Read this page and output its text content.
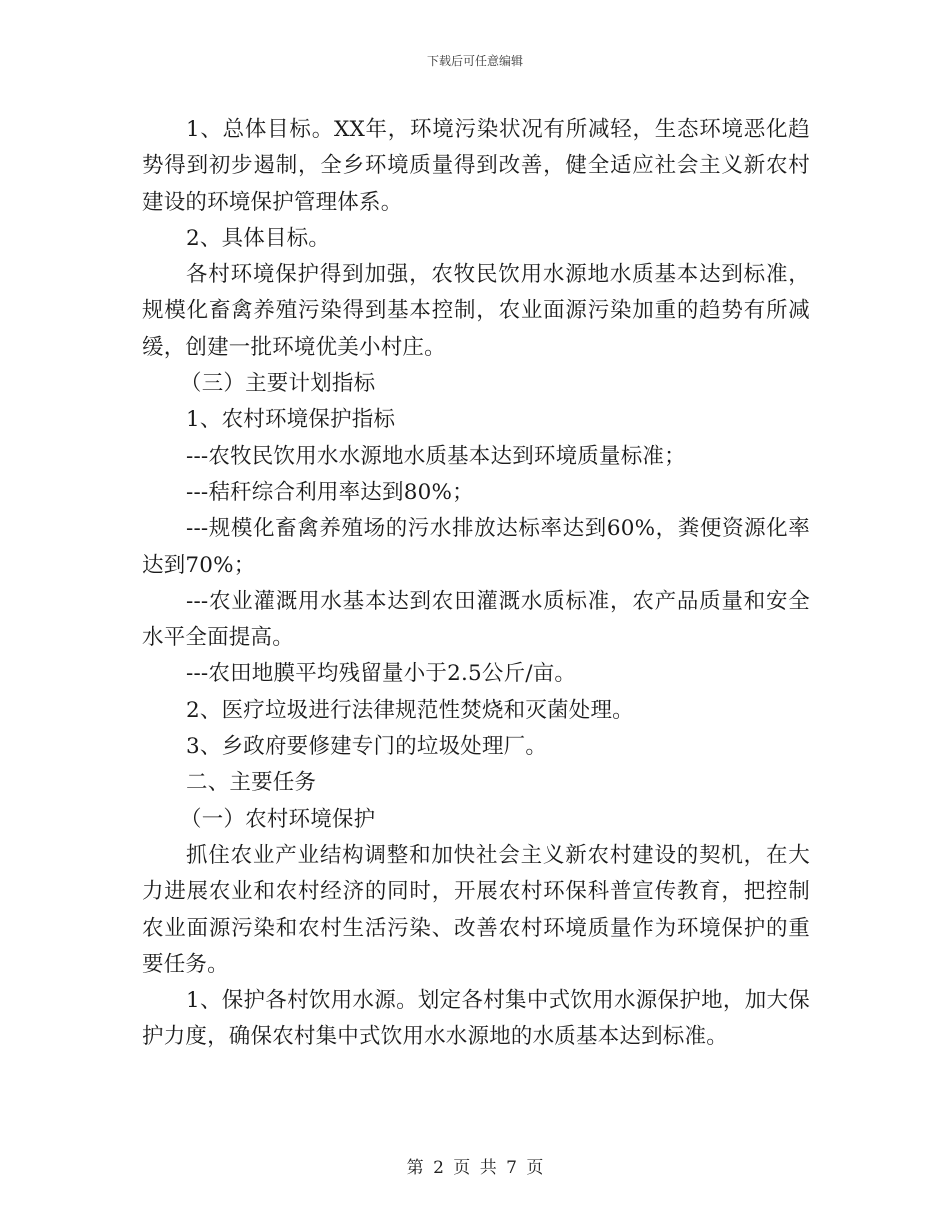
下载后可任意编辑

1、总体目标。XX年，环境污染状况有所减轻，生态环境恶化趋势得到初步遏制，全乡环境质量得到改善，健全适应社会主义新农村建设的环境保护管理体系。

2、具体目标。

各村环境保护得到加强，农牧民饮用水源地水质基本达到标准，规模化畜禽养殖污染得到基本控制，农业面源污染加重的趋势有所减缓，创建一批环境优美小村庄。

（三）主要计划指标

1、农村环境保护指标

---农牧民饮用水水源地水质基本达到环境质量标准；

---秸秆综合利用率达到80%；

---规模化畜禽养殖场的污水排放达标率达到60%，粪便资源化率达到70%；

---农业灌溉用水基本达到农田灌溉水质标准，农产品质量和安全水平全面提高。

---农田地膜平均残留量小于2.5公斤/亩。

2、医疗垃圾进行法律规范性焚烧和灭菌处理。

3、乡政府要修建专门的垃圾处理厂。

二、主要任务

（一）农村环境保护

抓住农业产业结构调整和加快社会主义新农村建设的契机，在大力进展农业和农村经济的同时，开展农村环保科普宣传教育，把控制农业面源污染和农村生活污染、改善农村环境质量作为环境保护的重要任务。

1、保护各村饮用水源。划定各村集中式饮用水源保护地，加大保护力度，确保农村集中式饮用水水源地的水质基本达到标准。

第 2 页 共 7 页
